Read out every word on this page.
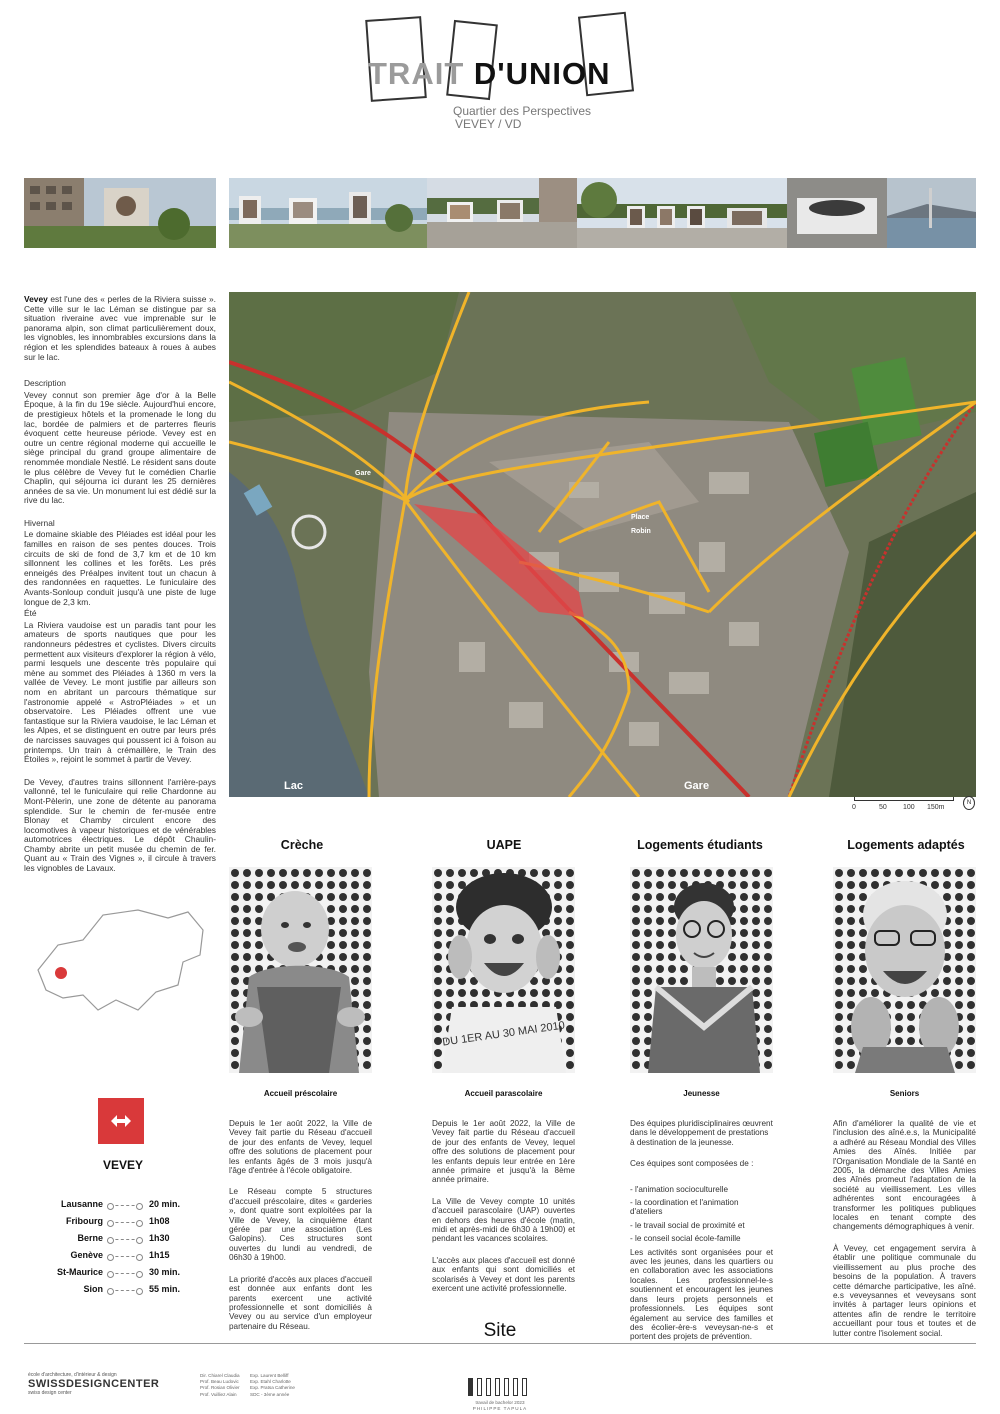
TRAIT D'UNION
Quartier des Perspectives
VEVEY / VD

Vevey est l'une des « perles de la Riviera suisse ». Cette ville sur le lac Léman se distingue par sa situation riveraine avec vue imprenable sur le panorama alpin, son climat particulièrement doux, les vignobles, les innombrables excursions dans la région et les splendides bateaux à roues à aubes sur le lac.

Description

Vevey connut son premier âge d'or à la Belle Époque, à la fin du 19e siècle. Aujourd'hui encore, de prestigieux hôtels et la promenade le long du lac, bordée de palmiers et de parterres fleuris évoquent cette heureuse période. Vevey est en outre un centre régional moderne qui accueille le siège principal du grand groupe alimentaire de renommée mondiale Nestlé. Le résident sans doute le plus célèbre de Vevey fut le comédien Charlie Chaplin, qui séjourna ici durant les 25 dernières années de sa vie. Un monument lui est dédié sur la rive du lac.

Hivernal

Le domaine skiable des Pléiades est idéal pour les familles en raison de ses pentes douces. Trois circuits de ski de fond de 3,7 km et de 10 km sillonnent les collines et les forêts. Les prés enneigés des Préalpes invitent tout un chacun à des randonnées en raquettes. Le funiculaire des Avants-Sonloup conduit jusqu'à une piste de luge longue de 2,3 km.

Été

La Riviera vaudoise est un paradis tant pour les amateurs de sports nautiques que pour les randonneurs pédestres et cyclistes. Divers circuits permettent aux visiteurs d'explorer la région à vélo, parmi lesquels une descente très populaire qui mène au sommet des Pléiades à 1360 m vers la vallée de Vevey. Le mont justifie par ailleurs son nom en abritant un parcours thématique sur l'astronomie appelé « AstroPléiades » et un observatoire. Les Pléiades offrent une vue fantastique sur la Riviera vaudoise, le lac Léman et les Alpes, et se distinguent en outre par leurs prés de narcisses sauvages qui poussent ici à foison au printemps. Un train à crémaillère, le Train des Étoiles », rejoint le sommet à partir de Vevey.

De Vevey, d'autres trains sillonnent l'arrière-pays vallonné, tel le funiculaire qui relie Chardonne au Mont-Pèlerin, une zone de détente au panorama splendide. Sur le chemin de fer-musée entre Blonay et Chamby circulent encore des locomotives à vapeur historiques et de vénérables automotrices électriques. Le dépôt Chaulin-Chamby abrite un petit musée du chemin de fer. Quant au « Train des Vignes », il circule à travers les vignobles de Lavaux.

Gare
Place
Robin
Lac	Gare
0	50 100 150m
N
VEVEY
Lausanne	20 min.
Fribourg	1h08
Berne	1h30
Genève	1h15
St-Maurice	30 min.
Sion	55 min.
Crèche
Accueil préscolaire

Depuis le 1er août 2022, la Ville de Vevey fait partie du Réseau d'accueil de jour des enfants de Vevey, lequel offre des solutions de placement pour les enfants âgés de 3 mois jusqu'à l'âge d'entrée à l'école obligatoire.

Le Réseau compte 5 structures d'accueil préscolaire, dites « garderies », dont quatre sont exploitées par la Ville de Vevey, la cinquième étant gérée par une association (Les Galopins). Ces structures sont ouvertes du lundi au vendredi, de 06h30 à 19h00.

La priorité d'accès aux places d'accueil est donnée aux enfants dont les parents exercent une activité professionnelle et sont domiciliés à Vevey ou au service d'un employeur partenaire du Réseau.

UAPE
DU 1ER AU 30 MAI 2010
Accueil parascolaire

Depuis le 1er août 2022, la Ville de Vevey fait partie du Réseau d'accueil de jour des enfants de Vevey, lequel offre des solutions de placement pour les enfants depuis leur entrée en 1ère année primaire et jusqu'à la 8ème année primaire.

La Ville de Vevey compte 10 unités d'accueil parascolaire (UAP) ouvertes en dehors des heures d'école (matin, midi et après-midi de 6h30 à 19h00) et pendant les vacances scolaires.

L'accès aux places d'accueil est donné aux enfants qui sont domiciliés et scolarisés à Vevey et dont les parents exercent une activité professionnelle.

Logements étudiants
Jeunesse

Des équipes pluridisciplinaires œuvrent dans le développement de prestations à destination de la jeunesse.

Ces équipes sont composées de :

- l'animation socioculturelle

- la coordination et l'animation d'ateliers

- le travail social de proximité et

- le conseil social école-famille

Les activités sont organisées pour et avec les jeunes, dans les quartiers ou en collaboration avec les associations locales. Les professionnel-le-s soutiennent et encouragent les jeunes dans leurs projets personnels et professionnels. Les équipes sont également au service des familles et des écolier-ère-s veveysan-ne-s et portent des projets de prévention.

Logements adaptés
Seniors

Afin d'améliorer la qualité de vie et l'inclusion des aîné.e.s, la Municipalité a adhéré au Réseau Mondial des Villes Amies des Aînés. Initiée par l'Organisation Mondiale de la Santé en 2005, la démarche des Villes Amies des Aînés promeut l'adaptation de la société au vieillissement. Les villes adhérentes sont encouragées à transformer les politiques publiques locales en tenant compte des changements démographiques à venir.

À Vevey, cet engagement servira à établir une politique communale du vieillissement au plus proche des besoins de la population. À travers cette démarche participative, les aîné. e.s veveysannes et veveysans sont invités à partager leurs opinions et attentes afin de rendre le territoire accueillant pour tous et toutes et de lutter contre l'isolement social.

Site
école d'architecture, d'intérieur & design
SWISSDESIGNCENTER
swiss design center
Dir. Chiarel Claudia
Prof. Beau Ludovic
Prof. Rosian Olivier
Prof. Vuilliez Alain
Exp. Laurent Belliff
Exp. Etahl Charlotte
Exp. Pratsa Catherine
SDC - 3ème année
travail de bachelor 2023
PHILIPPE TAPULA
